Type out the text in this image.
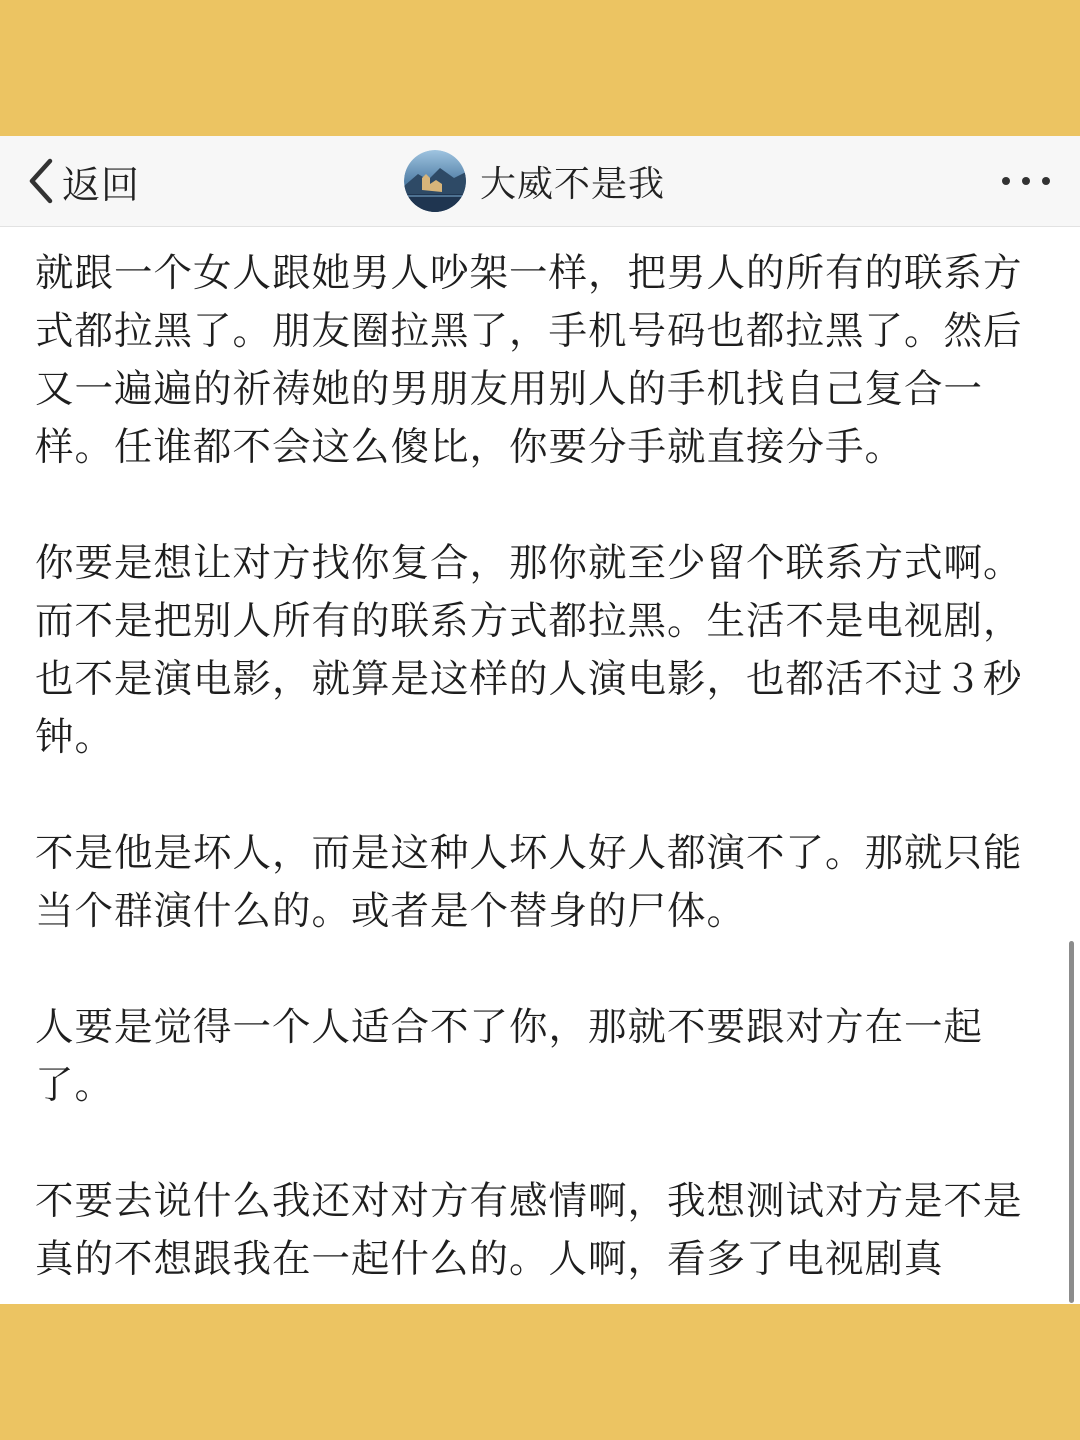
返回	大威不是我

就跟一个女人跟她男人吵架一样，把男人的所有的联系方式都拉黑了。朋友圈拉黑了，手机号码也都拉黑了。然后又一遍遍的祈祷她的男朋友用别人的手机找自己复合一样。任谁都不会这么傻比，你要分手就直接分手。

你要是想让对方找你复合，那你就至少留个联系方式啊。而不是把别人所有的联系方式都拉黑。生活不是电视剧，也不是演电影，就算是这样的人演电影，也都活不过３秒钟。

不是他是坏人，而是这种人坏人好人都演不了。那就只能当个群演什么的。或者是个替身的尸体。

人要是觉得一个人适合不了你，那就不要跟对方在一起了。

不要去说什么我还对对方有感情啊，我想测试对方是不是真的不想跟我在一起什么的。人啊，看多了电视剧真
